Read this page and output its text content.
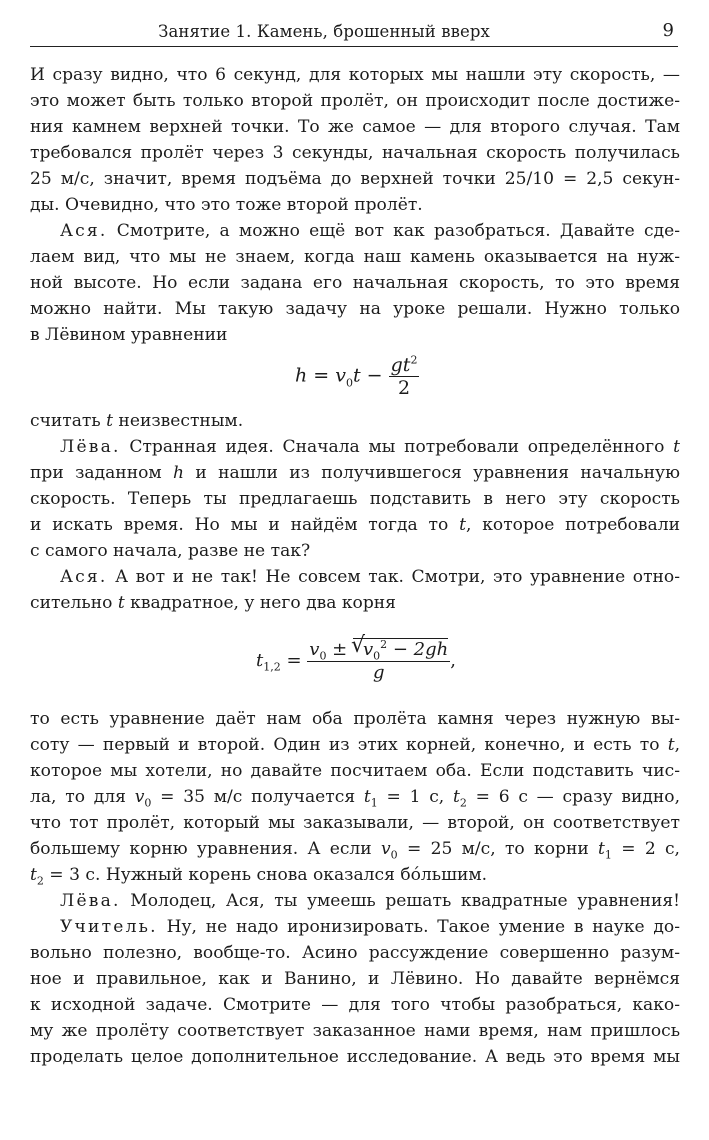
Занятие 1. Камень, брошенный вверх	9
И сразу видно, что 6 секунд, для которых мы нашли эту скорость, —
это может быть только второй пролёт, он происходит после достиже-
ния камнем верхней точки. То же самое — для второго случая. Там
требовался пролёт через 3 секунды, начальная скорость получилась
25 м/с, значит, время подъёма до верхней точки 25/10 = 2,5 секун-
ды. Очевидно, что это тоже второй пролёт.
Ася. Смотрите, а можно ещё вот как разобраться. Давайте сде-
лаем вид, что мы не знаем, когда наш камень оказывается на нуж-
ной высоте. Но если задана его начальная скорость, то это время
можно найти. Мы такую задачу на уроке решали. Нужно только
в Лёвином уравнении
$h = v_0t - \frac{gt^2}{2}$
считать t неизвестным.
Лёва. Странная идея. Сначала мы потребовали определённого t
при заданном h и нашли из получившегося уравнения начальную
скорость. Теперь ты предлагаешь подставить в него эту скорость
и искать время. Но мы и найдём тогда то t, которое потребовали
с самого начала, разве не так?
Ася. А вот и не так! Не совсем так. Смотри, это уравнение отно-
сительно t квадратное, у него два корня
$t_{1,2} = v_0$ ±
√
$v_0^2 - 2gh$
g ,
то есть уравнение даёт нам оба пролёта камня через нужную вы-
соту — первый и второй. Один из этих корней, конечно, и есть то t,
которое мы хотели, но давайте посчитаем оба. Если подставить чис-
ла, то для $v_0 = 35$ м/с получается $t_1 = 1$ с, $t_2 = 6$ с — сразу видно,
что тот пролёт, который мы заказывали, — второй, он соответствует
большему корню уравнения. А если $v_0 = 25$ м/с, то корни $t_1 = 2$ с,
$t_2 = 3$ с. Нужный корень снова оказался бóльшим.
Лёва. Молодец, Ася, ты умеешь решать квадратные уравнения!
Учитель. Ну, не надо иронизировать. Такое умение в науке до-
вольно полезно, вообще-то. Асино рассуждение совершенно разум-
ное и правильное, как и Ванино, и Лёвино. Но давайте вернёмся
к исходной задаче. Смотрите — для того чтобы разобраться, како-
му же пролёту соответствует заказанное нами время, нам пришлось
проделать целое дополнительное исследование. А ведь это время мы
